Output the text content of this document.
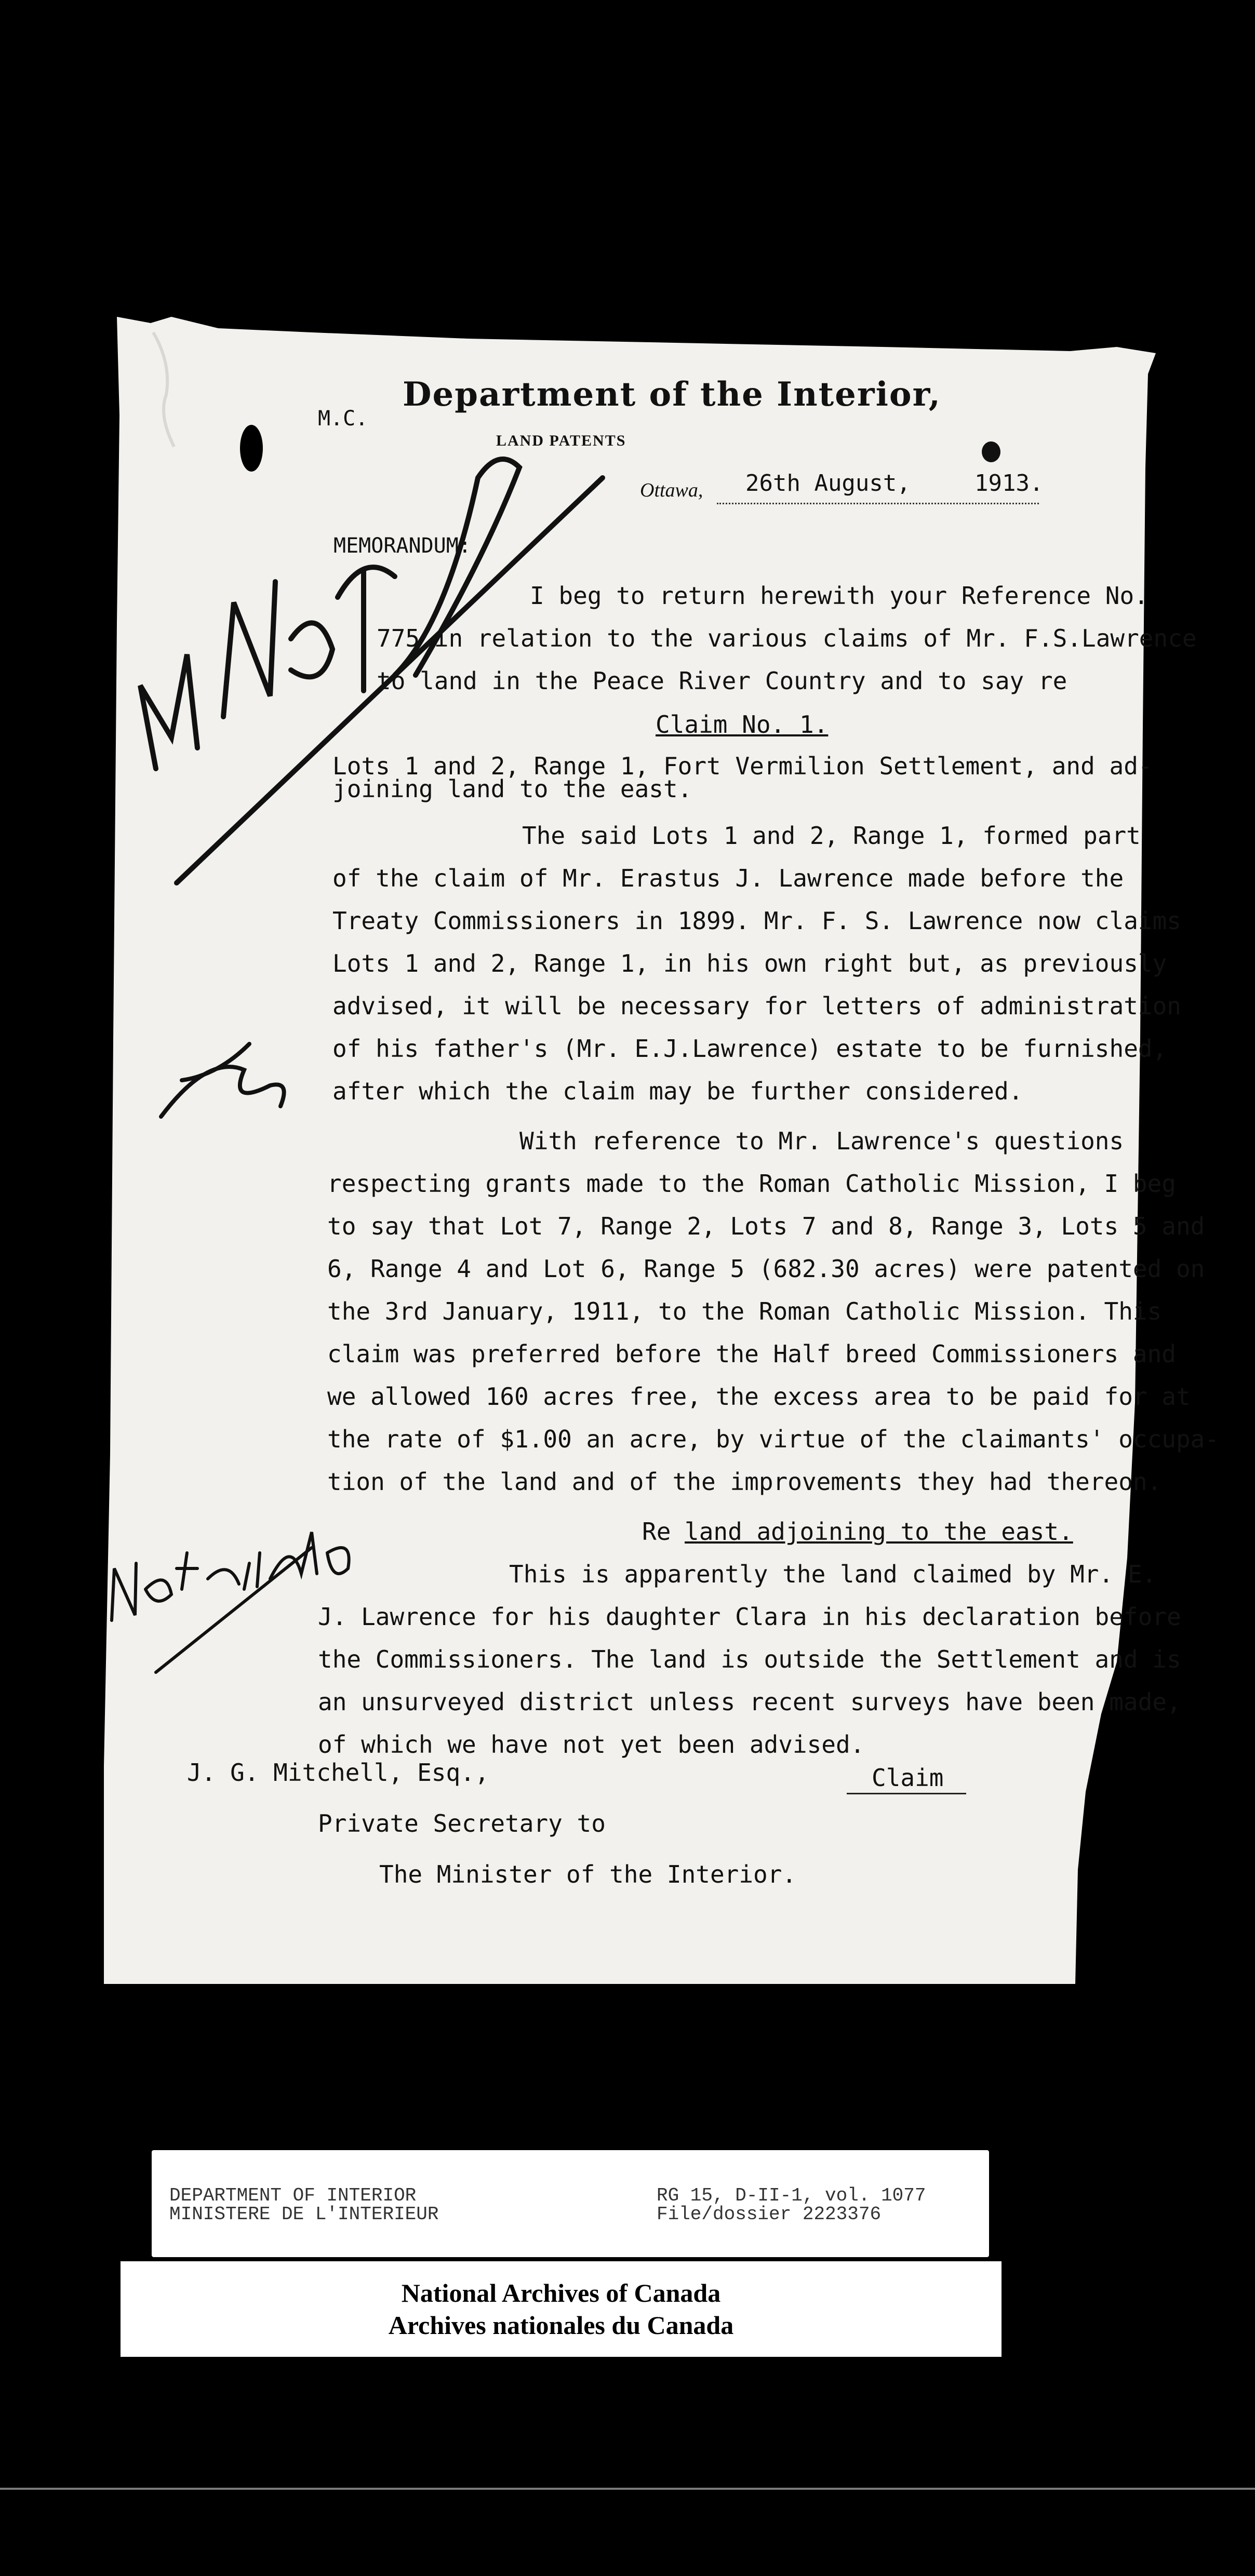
M.C.
Department of the Interior,
LAND PATENTS
Ottawa, 26th August,	1913.
MEMORANDUM:
I beg to return herewith your Reference No.
775 in relation to the various claims of Mr. F.S.Lawrence
to land in the Peace River Country and to say re
Claim No. 1.
Lots 1 and 2, Range 1, Fort Vermilion Settlement, and ad-
joining land to the east.
The said Lots 1 and 2, Range 1, formed part
of the claim of Mr. Erastus J. Lawrence made before the
Treaty Commissioners in 1899. Mr. F. S. Lawrence now claims
Lots 1 and 2, Range 1, in his own right but, as previously
advised, it will be necessary for letters of administration
of his father's (Mr. E.J.Lawrence) estate to be furnished,
after which the claim may be further considered.
With reference to Mr. Lawrence's questions
respecting grants made to the Roman Catholic Mission, I beg
to say that Lot 7, Range 2, Lots 7 and 8, Range 3, Lots 5 and
6, Range 4 and Lot 6, Range 5 (682.30 acres) were patented on
the 3rd January, 1911, to the Roman Catholic Mission. This
claim was preferred before the Half breed Commissioners and
we allowed 160 acres free, the excess area to be paid for at
the rate of $1.00 an acre, by virtue of the claimants' occupa-
tion of the land and of the improvements they had thereon.
Re land adjoining to the east.
This is apparently the land claimed by Mr. E.
J. Lawrence for his daughter Clara in his declaration before
the Commissioners. The land is outside the Settlement and is
an unsurveyed district unless recent surveys have been made,
of which we have not yet been advised.
Claim
J. G. Mitchell, Esq.,
Private Secretary to
The Minister of the Interior.
DEPARTMENT OF INTERIOR
MINISTERE DE L'INTERIEUR
RG 15, D-II-1, vol. 1077
File/dossier 2223376
National Archives of Canada
Archives nationales du Canada
